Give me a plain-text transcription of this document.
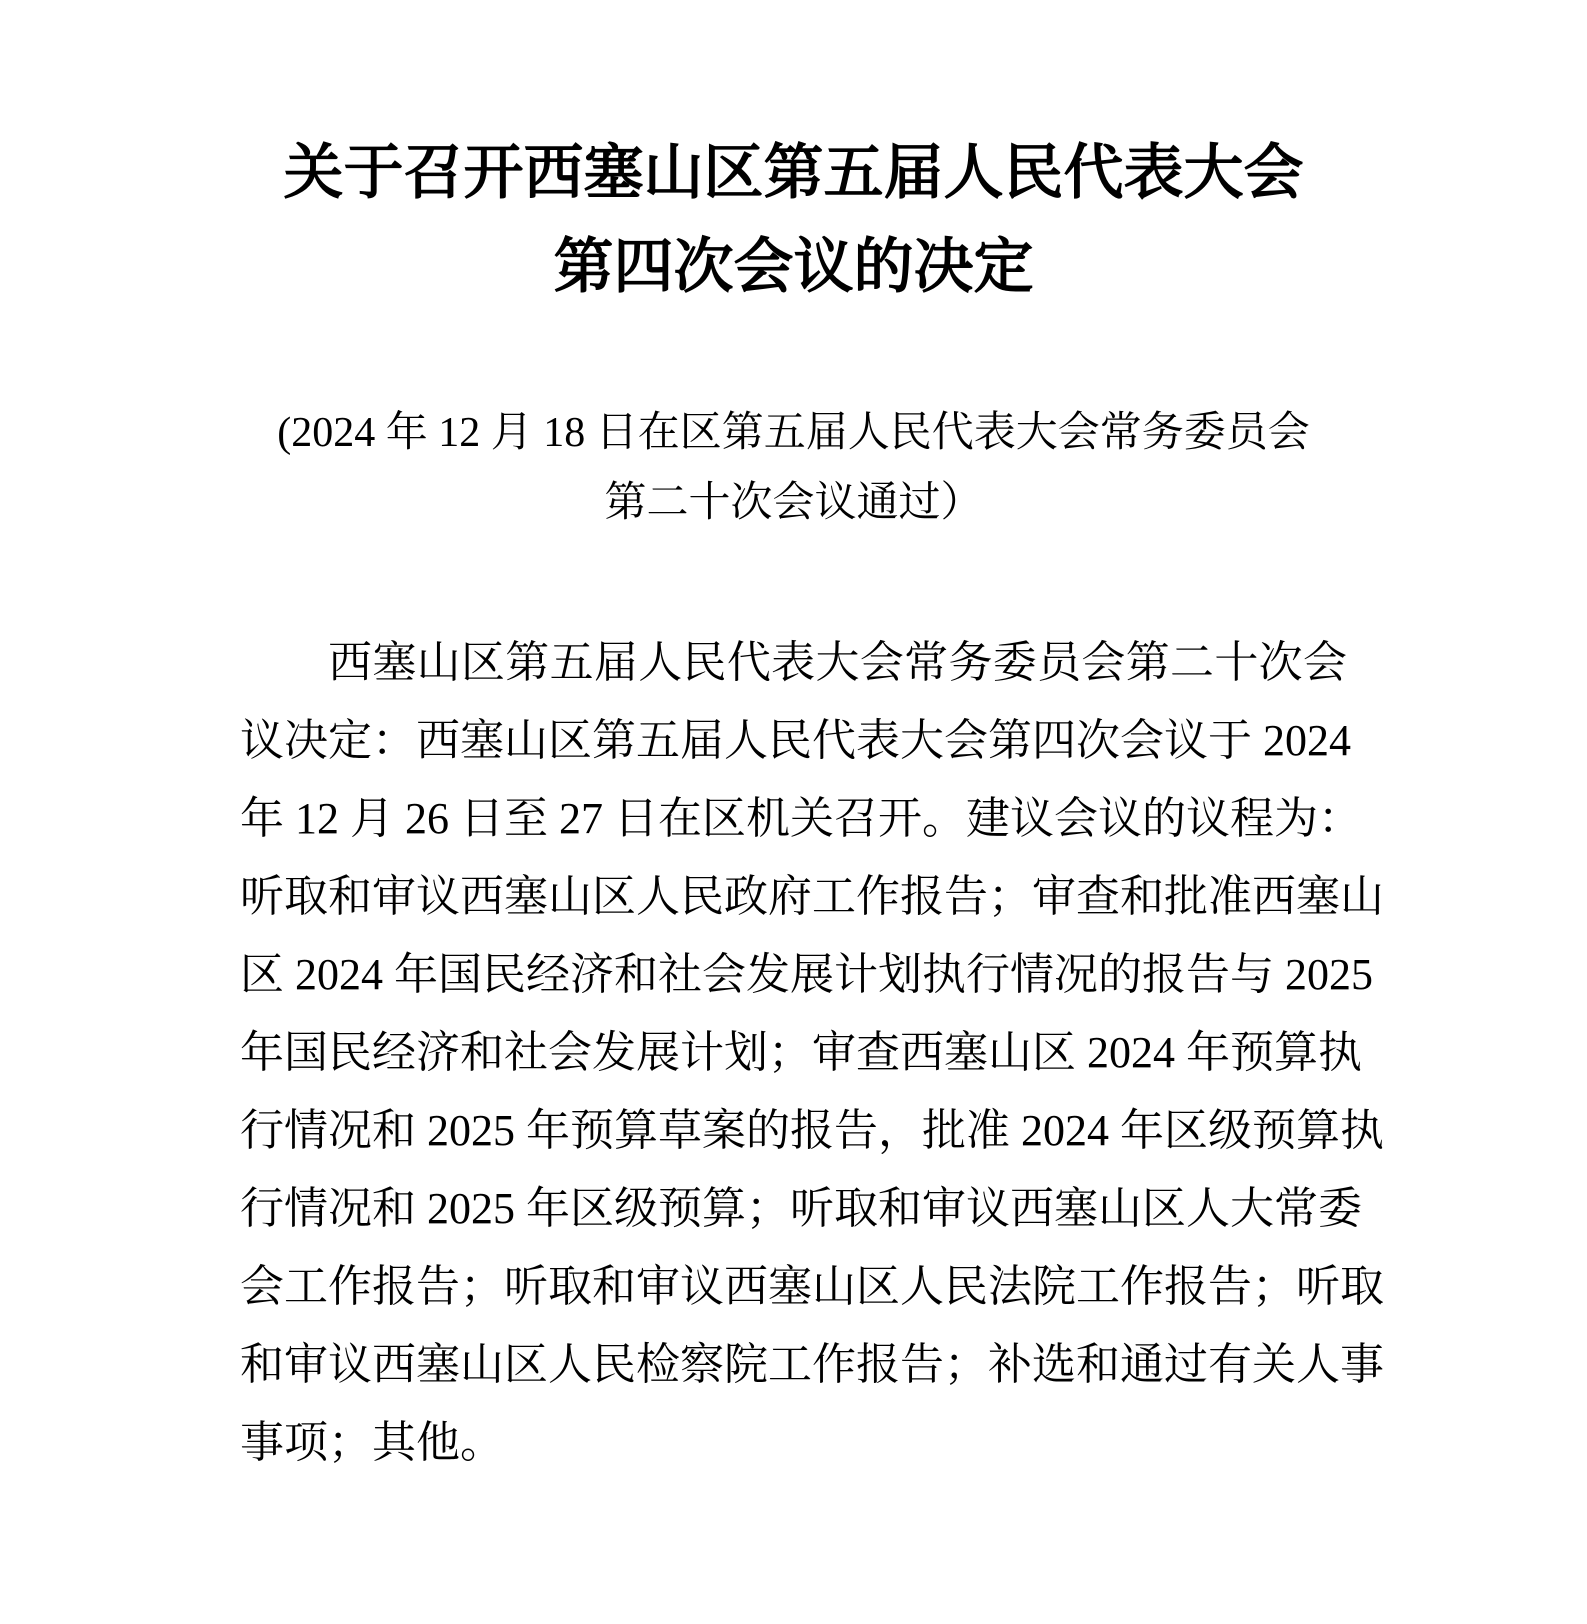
关于召开西塞山区第五届人民代表大会
第四次会议的决定
(2024 年 12 月 18 日在区第五届人民代表大会常务委员会
第二十次会议通过）
西塞山区第五届人民代表大会常务委员会第二十次会
议决定：西塞山区第五届人民代表大会第四次会议于 2024
年 12 月 26 日至 27 日在区机关召开。建议会议的议程为：
听取和审议西塞山区人民政府工作报告；审查和批准西塞山
区 2024 年国民经济和社会发展计划执行情况的报告与 2025
年国民经济和社会发展计划；审查西塞山区 2024 年预算执
行情况和 2025 年预算草案的报告，批准 2024 年区级预算执
行情况和 2025 年区级预算；听取和审议西塞山区人大常委
会工作报告；听取和审议西塞山区人民法院工作报告；听取
和审议西塞山区人民检察院工作报告；补选和通过有关人事
事项；其他。
